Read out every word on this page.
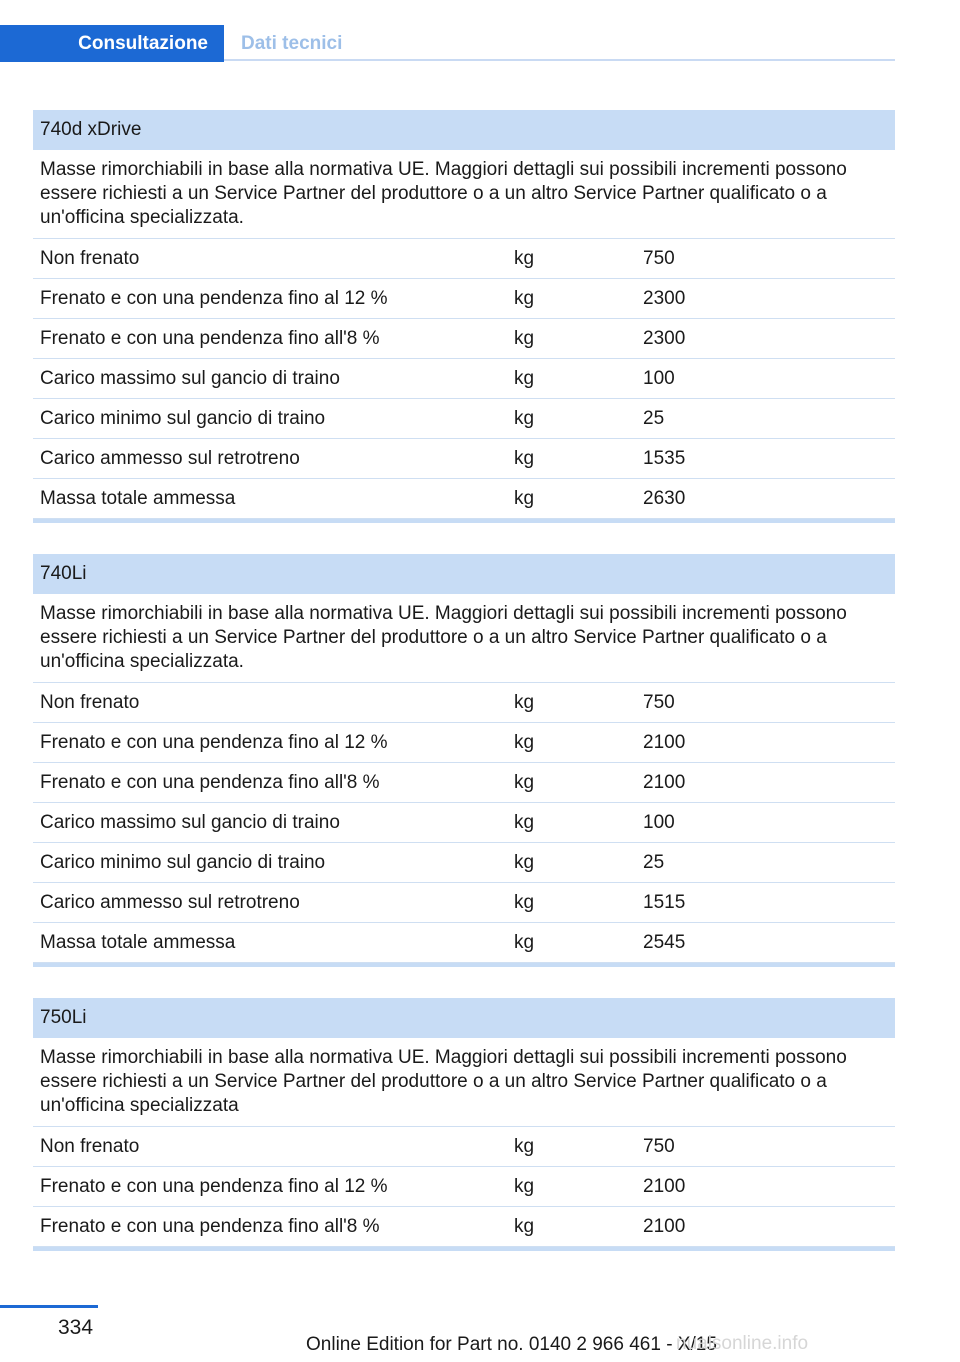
Consultazione	Dati tecnici
740d xDrive
Masse rimorchiabili in base alla normativa UE. Maggiori dettagli sui possibili incrementi possono essere richiesti a un Service Partner del produttore o a un altro Service Partner qualificato o a un'officina specializzata.
Non frenato	kg	750
Frenato e con una pendenza fino al 12 %	kg	2300
Frenato e con una pendenza fino all'8 %	kg	2300
Carico massimo sul gancio di traino	kg	100
Carico minimo sul gancio di traino	kg	25
Carico ammesso sul retrotreno	kg	1535
Massa totale ammessa	kg	2630
740Li
Masse rimorchiabili in base alla normativa UE. Maggiori dettagli sui possibili incrementi possono essere richiesti a un Service Partner del produttore o a un altro Service Partner qualificato o a un'officina specializzata.
Non frenato	kg	750
Frenato e con una pendenza fino al 12 %	kg	2100
Frenato e con una pendenza fino all'8 %	kg	2100
Carico massimo sul gancio di traino	kg	100
Carico minimo sul gancio di traino	kg	25
Carico ammesso sul retrotreno	kg	1515
Massa totale ammessa	kg	2545
750Li
Masse rimorchiabili in base alla normativa UE. Maggiori dettagli sui possibili incrementi possono essere richiesti a un Service Partner del produttore o a un altro Service Partner qualificato o a un'officina specializzata
Non frenato	kg	750
Frenato e con una pendenza fino al 12 %	kg	2100
Frenato e con una pendenza fino all'8 %	kg	2100
334
Online Edition for Part no. 0140 2 966 461 - X/15
nualsonline.info
